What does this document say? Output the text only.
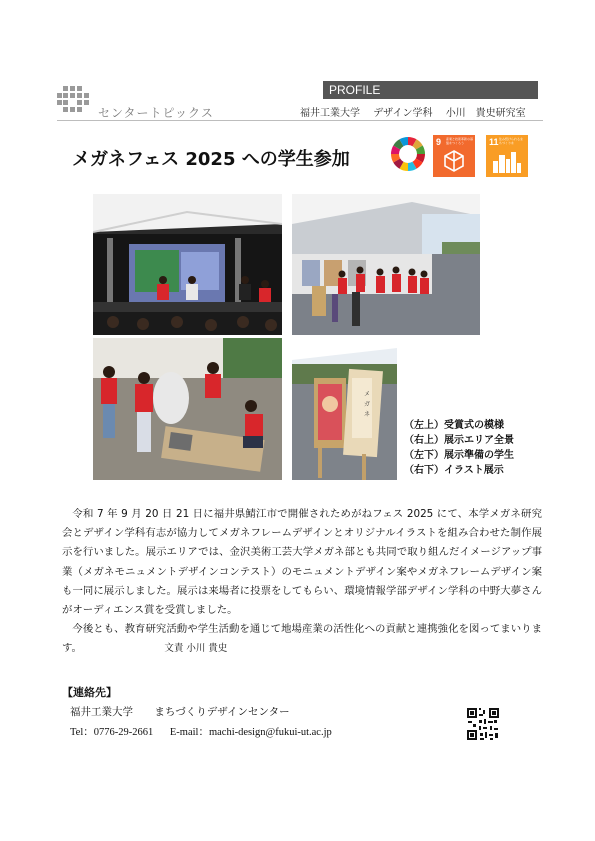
センタートピックス
PROFILE
福井工業大学 デザイン学科 小川　貴史研究室
メガネフェス 2025 への学生参加
9 産業と技術革新の基盤をつくろう	11 住み続けられるまちづくりを
メ
ガ
ネ
（左上）受賞式の模様
（右上）展示エリア全景
（左下）展示準備の学生
（右下）イラスト展示

令和 7 年 9 月 20 日 21 日に福井県鯖江市で開催されためがねフェス 2025 にて、本学メガネ研究会とデザイン学科有志が協力してメガネフレームデザインとオリジナルイラストを組み合わせた制作展示を行いました。展示エリアでは、金沢美術工芸大学メガネ部とも共同で取り組んだイメージアップ事業（メガネモニュメントデザインコンテスト）のモニュメントデザイン案やメガネフレームデザイン案も一同に展示しました。展示は来場者に投票をしてもらい、環境情報学部デザイン学科の中野大夢さんがオーディエンス賞を受賞しました。

今後とも、教育研究活動や学生活動を通じて地場産業の活性化への貢献と連携強化を図ってまいります。	文責 小川 貴史

【連絡先】
福井工業大学 まちづくりデザインセンター
Tel：0776-29-2661 E-mail：machi-design@fukui-ut.ac.jp
